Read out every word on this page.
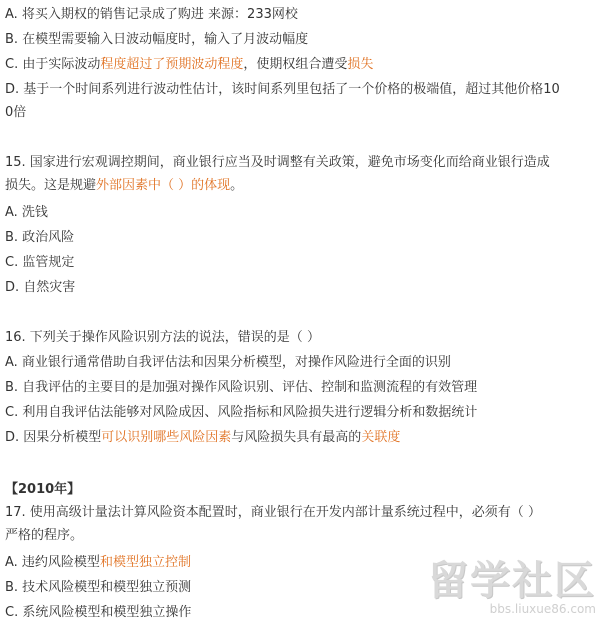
A. 将买入期权的销售记录成了购进 来源：233网校
B. 在模型需要输入日波动幅度时，输入了月波动幅度
C. 由于实际波动程度超过了预期波动程度，使期权组合遭受损失
D. 基于一个时间系列进行波动性估计，该时间系列里包括了一个价格的极端值，超过其他价格10
0倍
15. 国家进行宏观调控期间，商业银行应当及时调整有关政策，避免市场变化而给商业银行造成
损失。这是规避外部因素中（ ）的体现。
A. 洗钱
B. 政治风险
C. 监管规定
D. 自然灾害
16. 下列关于操作风险识别方法的说法，错误的是（ ）
A. 商业银行通常借助自我评估法和因果分析模型，对操作风险进行全面的识别
B. 自我评估的主要目的是加强对操作风险识别、评估、控制和监测流程的有效管理
C. 利用自我评估法能够对风险成因、风险指标和风险损失进行逻辑分析和数据统计
D. 因果分析模型可以识别哪些风险因素与风险损失具有最高的关联度
【2010年】
17. 使用高级计量法计算风险资本配置时，商业银行在开发内部计量系统过程中，必须有（ ）
严格的程序。
A. 违约风险模型和模型独立控制
B. 技术风险模型和模型独立预测
C. 系统风险模型和模型独立操作
留学社区
bbs.liuxue86.com
